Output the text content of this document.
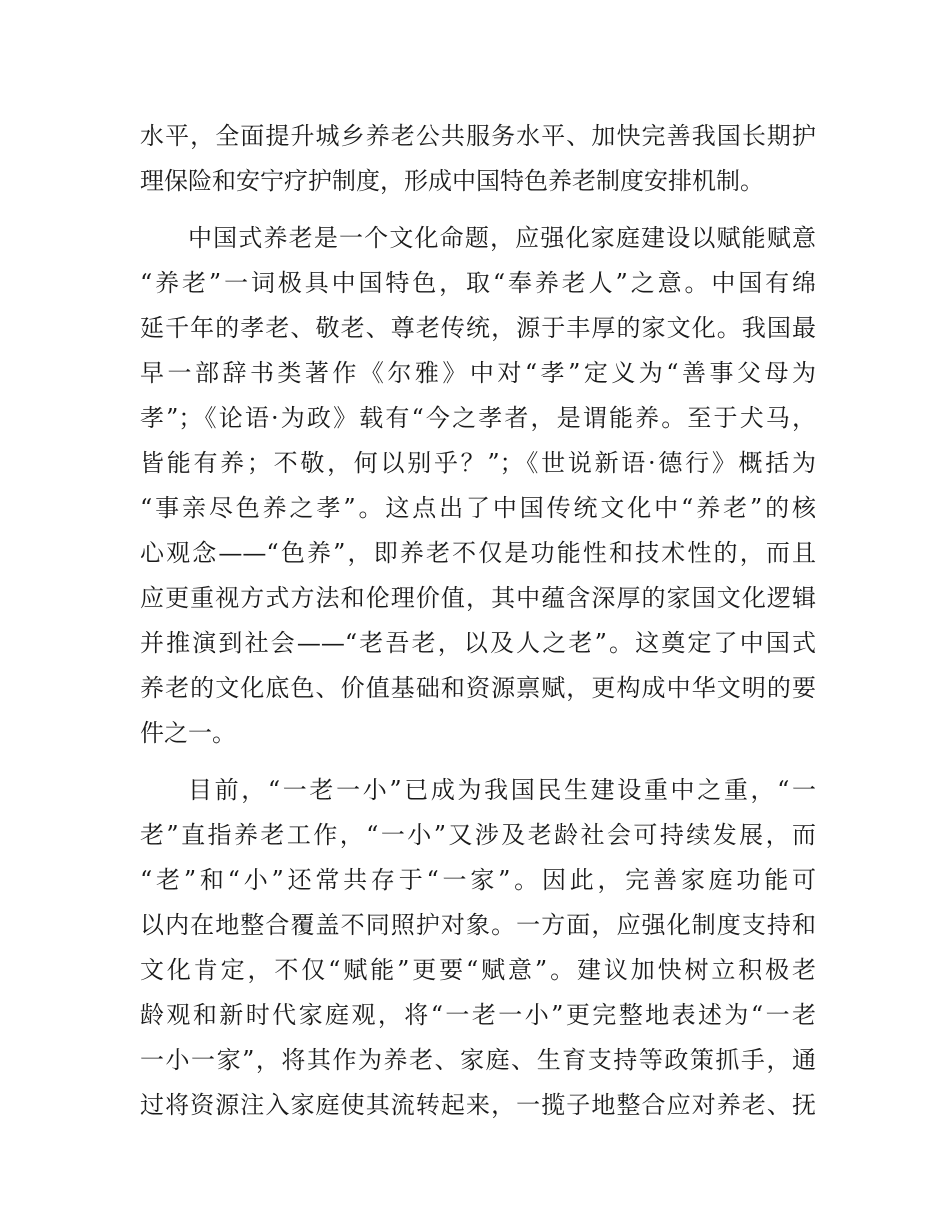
水平，全面提升城乡养老公共服务水平、加快完善我国长期护
理保险和安宁疗护制度，形成中国特色养老制度安排机制。
中国式养老是一个文化命题，应强化家庭建设以赋能赋意
“养老”一词极具中国特色，取“奉养老人”之意。中国有绵
延千年的孝老、敬老、尊老传统，源于丰厚的家文化。我国最
早一部辞书类著作《尔雅》中对“孝”定义为“善事父母为
孝”；《论语·为政》载有“今之孝者，是谓能养。至于犬马，
皆能有养；不敬，何以别乎？”；《世说新语·德行》概括为
“事亲尽色养之孝”。这点出了中国传统文化中“养老”的核
心观念——“色养”，即养老不仅是功能性和技术性的，而且
应更重视方式方法和伦理价值，其中蕴含深厚的家国文化逻辑
并推演到社会——“老吾老，以及人之老”。这奠定了中国式
养老的文化底色、价值基础和资源禀赋，更构成中华文明的要
件之一。
目前，“一老一小”已成为我国民生建设重中之重，“一
老”直指养老工作，“一小”又涉及老龄社会可持续发展，而
“老”和“小”还常共存于“一家”。因此，完善家庭功能可
以内在地整合覆盖不同照护对象。一方面，应强化制度支持和
文化肯定，不仅“赋能”更要“赋意”。建议加快树立积极老
龄观和新时代家庭观，将“一老一小”更完整地表述为“一老
一小一家”，将其作为养老、家庭、生育支持等政策抓手，通
过将资源注入家庭使其流转起来，一揽子地整合应对养老、抚
